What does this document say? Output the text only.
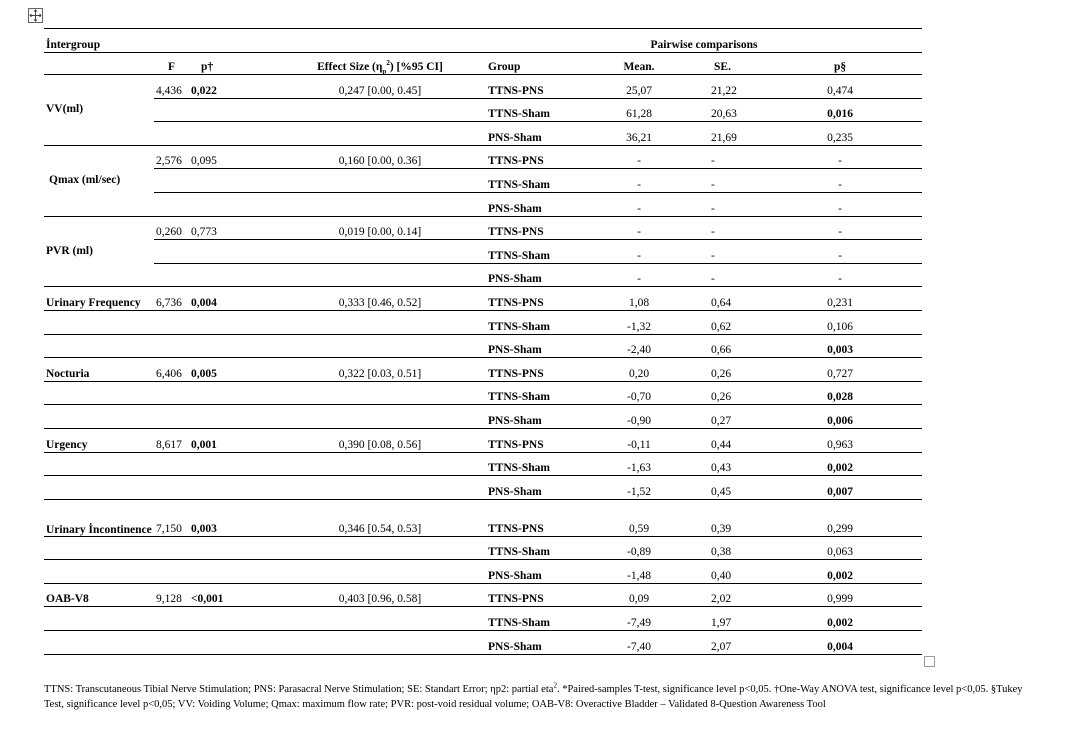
İntergroup				Pairwise comparisons			
	F	p†	Effect Size $(\eta_p^2)$ [%95 CI]	Group	Mean.	SE.	p§
VV(ml)	4,436	0,022	0,247 [0.00, 0.45]	TTNS-PNS	25,07	21,22	0,474
				TTNS-Sham	61,28	20,63	0,016
				PNS-Sham	36,21	21,69	0,235
Qmax (ml/sec)	2,576	0,095	0,160 [0.00, 0.36]	TTNS-PNS	-	-	-
				TTNS-Sham	-	-	-
				PNS-Sham	-	-	-
PVR (ml)	0,260	0,773	0,019 [0.00, 0.14]	TTNS-PNS	-	-	-
				TTNS-Sham	-	-	-
				PNS-Sham	-	-	-
Urinary Frequency	6,736	0,004	0,333 [0.46, 0.52]	TTNS-PNS	1,08	0,64	0,231
				TTNS-Sham	-1,32	0,62	0,106
				PNS-Sham	-2,40	0,66	0,003
Nocturia	6,406	0,005	0,322 [0.03, 0.51]	TTNS-PNS	0,20	0,26	0,727
				TTNS-Sham	-0,70	0,26	0,028
				PNS-Sham	-0,90	0,27	0,006
Urgency	8,617	0,001	0,390 [0.08, 0.56]	TTNS-PNS	-0,11	0,44	0,963
				TTNS-Sham	-1,63	0,43	0,002
				PNS-Sham	-1,52	0,45	0,007
Urinary İncontinence	7,150	0,003	0,346 [0.54, 0.53]	TTNS-PNS	0,59	0,39	0,299
				TTNS-Sham	-0,89	0,38	0,063
				PNS-Sham	-1,48	0,40	0,002
OAB-V8	9,128	<0,001	0,403 [0.96, 0.58]	TTNS-PNS	0,09	2,02	0,999
				TTNS-Sham	-7,49	1,97	0,002
				PNS-Sham	-7,40	2,07	0,004
TTNS: Transcutaneous Tibial Nerve Stimulation; PNS: Parasacral Nerve Stimulation; SE: Standart Error; ηp2: partial eta$^2$. *Paired-samples T-test, significance level p<0,05. †One-Way ANOVA test, significance level p<0,05. §Tukey Test, significance level p<0,05; VV: Voiding Volume; Qmax: maximum flow rate; PVR: post-void residual volume; OAB-V8: Overactive Bladder – Validated 8-Question Awareness Tool
